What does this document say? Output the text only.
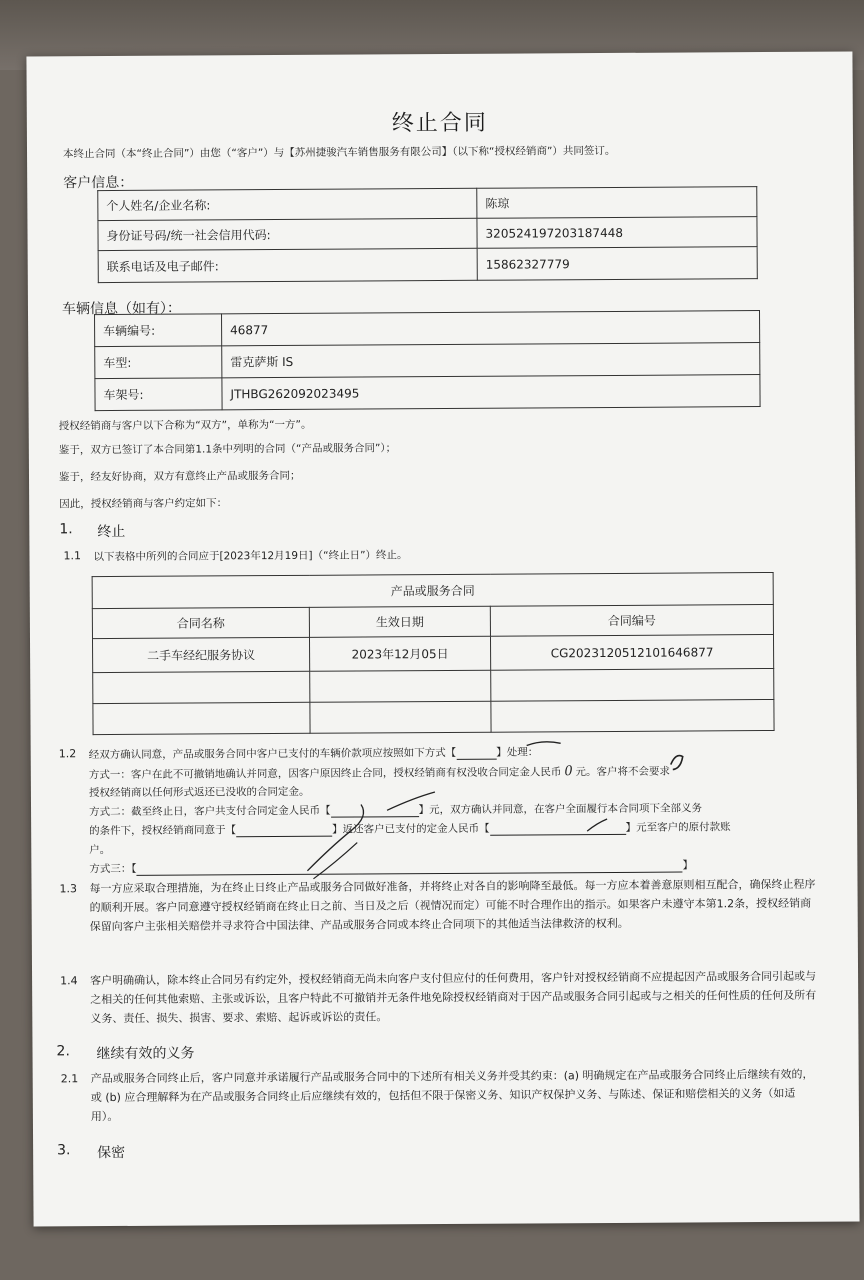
终止合同
本终止合同（本“终止合同”）由您（“客户”）与【苏州捷骏汽车销售服务有限公司】（以下称“授权经销商”）共同签订。
客户信息：
个人姓名/企业名称:	陈琼
身份证号码/统一社会信用代码:	320524197203187448
联系电话及电子邮件:	15862327779
车辆信息（如有）：
车辆编号:	46877
车型:	雷克萨斯 IS
车架号:	JTHBG262092023495
授权经销商与客户以下合称为“双方”，单称为“一方”。
鉴于，双方已签订了本合同第1.1条中列明的合同（“产品或服务合同”）；
鉴于，经友好协商，双方有意终止产品或服务合同；
因此，授权经销商与客户约定如下：
1. 终止
1.1 以下表格中所列的合同应于[2023年12月19日]（“终止日”）终止。
产品或服务合同		
合同名称	生效日期	合同编号
二手车经纪服务协议	2023年12月05日	CG2023120512101646877

1.2 经双方确认同意，产品或服务合同中客户已支付的车辆价款项应按照如下方式【	】处理：
方式一：客户在此不可撤销地确认并同意，因客户原因终止合同，授权经销商有权没收合同定金人民币 0 元。客户将不会要求
授权经销商以任何形式返还已没收的合同定金。
方式二：截至终止日，客户共支付合同定金人民币【	】元，双方确认并同意，在客户全面履行本合同项下全部义务
的条件下，授权经销商同意于【	】返还客户已支付的定金人民币【	】元至客户的原付款账
户。
方式三：【	】
1.3 每一方应采取合理措施，为在终止日终止产品或服务合同做好准备，并将终止对各自的影响降至最低。每一方应本着善意原则相互配合，确保终止程序的顺利开展。客户同意遵守授权经销商在终止日之前、当日及之后（视情况而定）可能不时合理作出的指示。如果客户未遵守本第1.2条，授权经销商保留向客户主张相关赔偿并寻求符合中国法律、产品或服务合同或本终止合同项下的其他适当法律救济的权利。
1.4 客户明确确认，除本终止合同另有约定外，授权经销商无尚未向客户支付但应付的任何费用，客户针对授权经销商不应提起因产品或服务合同引起或与之相关的任何其他索赔、主张或诉讼，且客户特此不可撤销并无条件地免除授权经销商对于因产品或服务合同引起或与之相关的任何性质的任何及所有义务、责任、损失、损害、要求、索赔、起诉或诉讼的责任。
2. 继续有效的义务
2.1 产品或服务合同终止后，客户同意并承诺履行产品或服务合同中的下述所有相关义务并受其约束：(a) 明确规定在产品或服务合同终止后继续有效的，或 (b) 应合理解释为在产品或服务合同终止后应继续有效的，包括但不限于保密义务、知识产权保护义务、与陈述、保证和赔偿相关的义务（如适用）。
3. 保密
